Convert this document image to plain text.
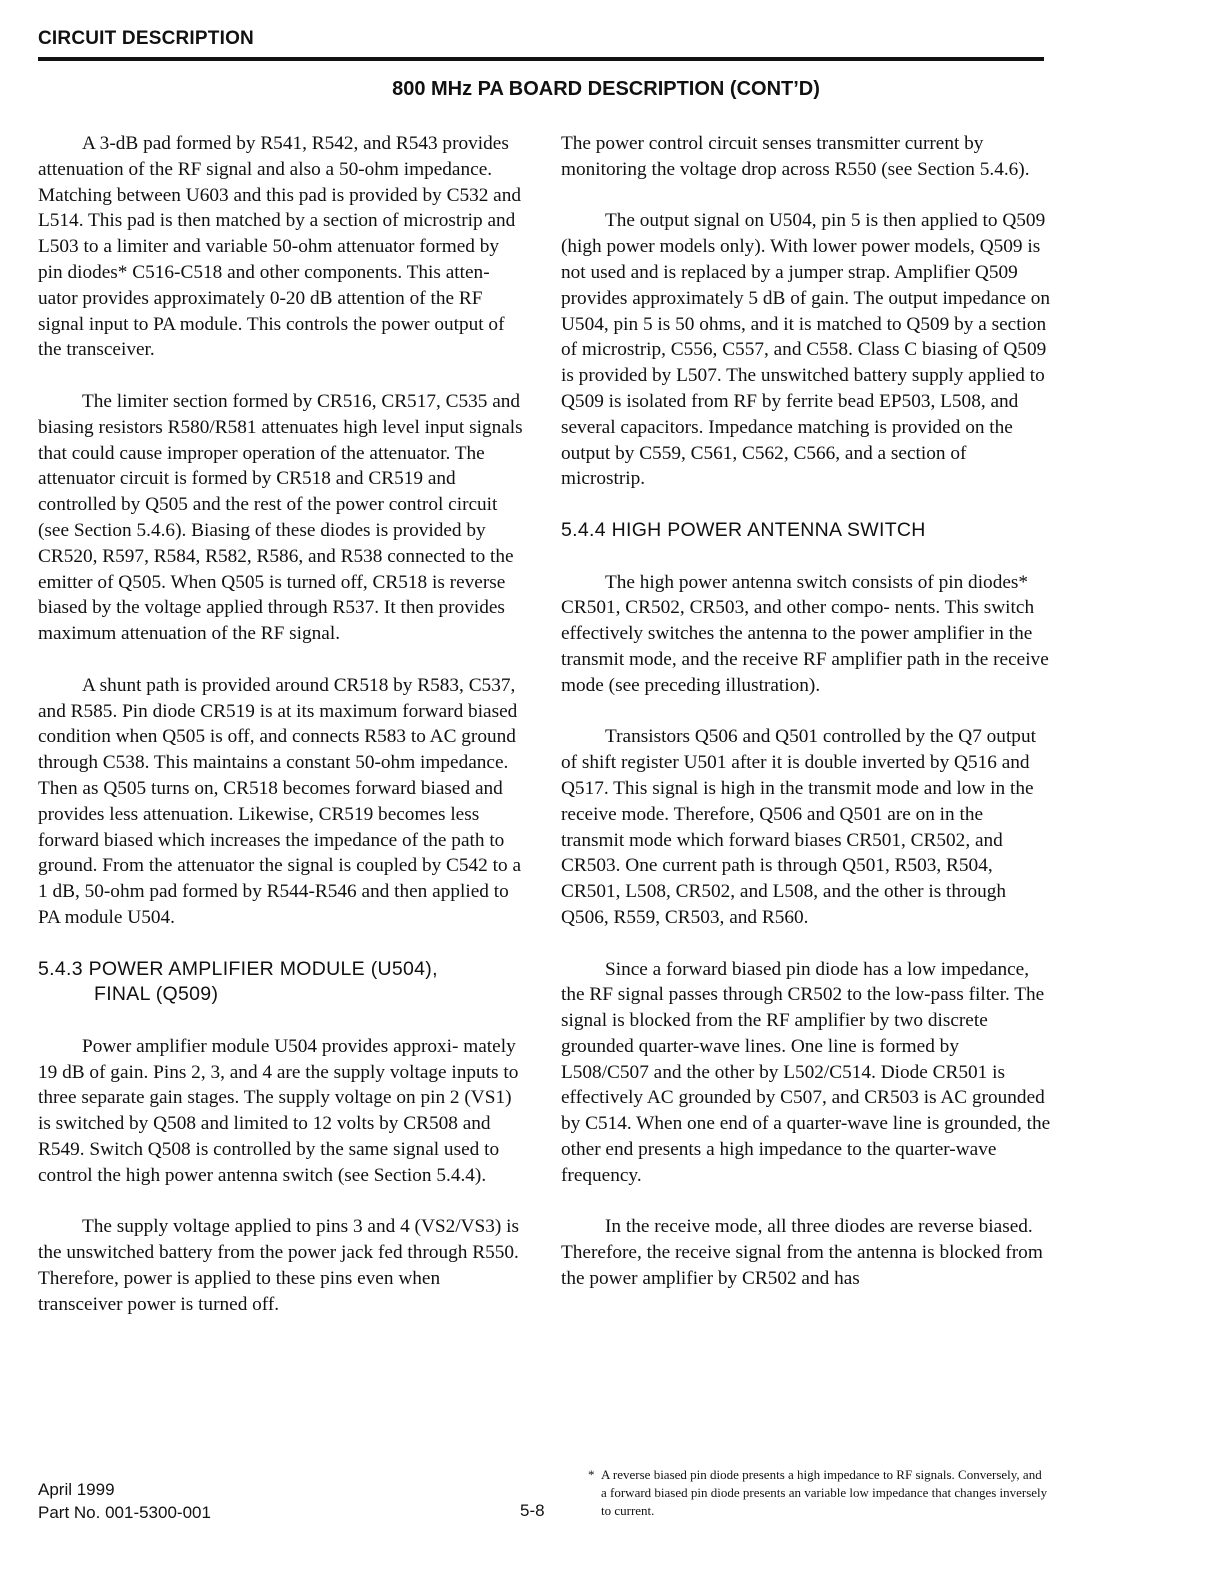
CIRCUIT DESCRIPTION
800 MHz PA BOARD DESCRIPTION (CONT’D)

A 3-dB pad formed by R541, R542, and R543 provides attenuation of the RF signal and also a 50-ohm impedance. Matching between U603 and this pad is provided by C532 and L514. This pad is then matched by a section of microstrip and L503 to a limiter and variable 50-ohm attenuator formed by pin diodes* C516-C518 and other components. This atten- uator provides approximately 0-20 dB attention of the RF signal input to PA module. This controls the power output of the transceiver.

The limiter section formed by CR516, CR517, C535 and biasing resistors R580/R581 attenuates high level input signals that could cause improper operation of the attenuator. The attenuator circuit is formed by CR518 and CR519 and controlled by Q505 and the rest of the power control circuit (see Section 5.4.6). Biasing of these diodes is provided by CR520, R597, R584, R582, R586, and R538 connected to the emitter of Q505. When Q505 is turned off, CR518 is reverse biased by the voltage applied through R537. It then provides maximum attenuation of the RF signal.

A shunt path is provided around CR518 by R583, C537, and R585. Pin diode CR519 is at its maximum forward biased condition when Q505 is off, and connects R583 to AC ground through C538. This maintains a constant 50-ohm impedance. Then as Q505 turns on, CR518 becomes forward biased and provides less attenuation. Likewise, CR519 becomes less forward biased which increases the impedance of the path to ground. From the attenuator the signal is coupled by C542 to a 1 dB, 50-ohm pad formed by R544-R546 and then applied to PA module U504.

5.4.3 POWER AMPLIFIER MODULE (U504),
FINAL (Q509)

Power amplifier module U504 provides approxi- mately 19 dB of gain. Pins 2, 3, and 4 are the supply voltage inputs to three separate gain stages. The supply voltage on pin 2 (VS1) is switched by Q508 and limited to 12 volts by CR508 and R549. Switch Q508 is controlled by the same signal used to control the high power antenna switch (see Section 5.4.4).

The supply voltage applied to pins 3 and 4 (VS2/VS3) is the unswitched battery from the power jack fed through R550. Therefore, power is applied to these pins even when transceiver power is turned off.

The power control circuit senses transmitter current by monitoring the voltage drop across R550 (see Section 5.4.6).

The output signal on U504, pin 5 is then applied to Q509 (high power models only). With lower power models, Q509 is not used and is replaced by a jumper strap. Amplifier Q509 provides approximately 5 dB of gain. The output impedance on U504, pin 5 is 50 ohms, and it is matched to Q509 by a section of microstrip, C556, C557, and C558. Class C biasing of Q509 is provided by L507. The unswitched battery supply applied to Q509 is isolated from RF by ferrite bead EP503, L508, and several capacitors. Impedance matching is provided on the output by C559, C561, C562, C566, and a section of microstrip.

5.4.4 HIGH POWER ANTENNA SWITCH

The high power antenna switch consists of pin diodes* CR501, CR502, CR503, and other compo- nents. This switch effectively switches the antenna to the power amplifier in the transmit mode, and the receive RF amplifier path in the receive mode (see preceding illustration).

Transistors Q506 and Q501 controlled by the Q7 output of shift register U501 after it is double inverted by Q516 and Q517. This signal is high in the transmit mode and low in the receive mode. Therefore, Q506 and Q501 are on in the transmit mode which forward biases CR501, CR502, and CR503. One current path is through Q501, R503, R504, CR501, L508, CR502, and L508, and the other is through Q506, R559, CR503, and R560.

Since a forward biased pin diode has a low impedance, the RF signal passes through CR502 to the low-pass filter. The signal is blocked from the RF amplifier by two discrete grounded quarter-wave lines. One line is formed by L508/C507 and the other by L502/C514. Diode CR501 is effectively AC grounded by C507, and CR503 is AC grounded by C514. When one end of a quarter-wave line is grounded, the other end presents a high impedance to the quarter-wave frequency.

In the receive mode, all three diodes are reverse biased. Therefore, the receive signal from the antenna is blocked from the power amplifier by CR502 and has

April 1999
Part No. 001-5300-001	5-8
* A reverse biased pin diode presents a high impedance to RF signals. Conversely, and a forward biased pin diode presents an variable low impedance that changes inversely to current.
